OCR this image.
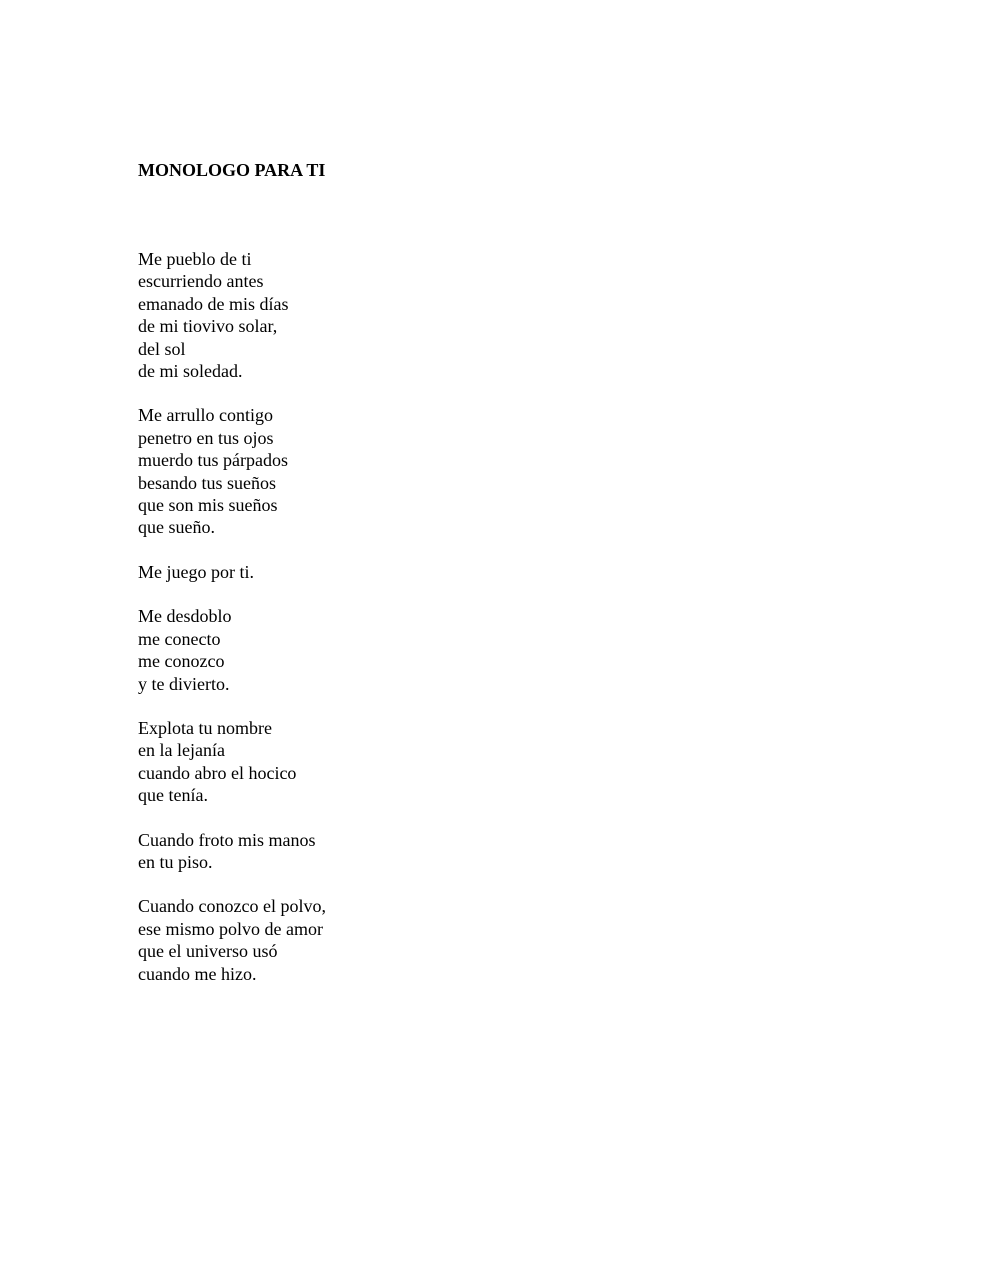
MONOLOGO PARA TI

Me pueblo de ti
escurriendo antes
emanado de mis días
de mi tiovivo solar,
del sol
de mi soledad.

Me arrullo contigo
penetro en tus ojos
muerdo tus párpados
besando tus sueños
que son mis sueños
que sueño.

Me juego por ti.

Me desdoblo
me conecto
me conozco
y te divierto.

Explota tu nombre
en la lejanía
cuando abro el hocico
que tenía.

Cuando froto mis manos
en tu piso.

Cuando conozco el polvo,
ese mismo polvo de amor
que el universo usó
cuando me hizo.
